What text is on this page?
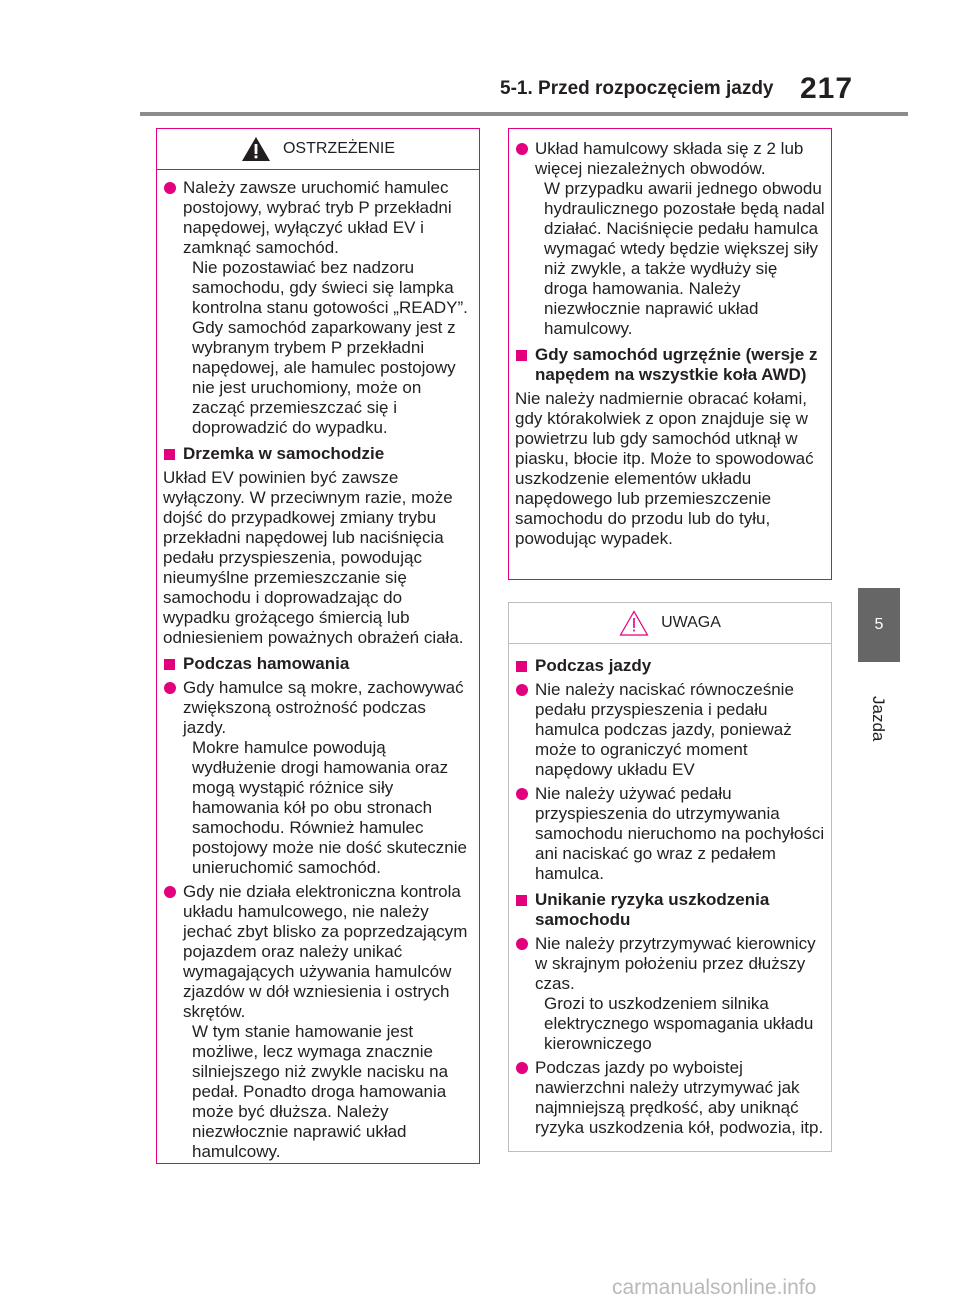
5-1. Przed rozpoczęciem jazdy 217
5
Jazda
OSTRZEŻENIE
Należy zawsze uruchomić hamulec postojowy, wybrać tryb P przekładni napędowej, wyłączyć układ EV i zamknąć samochód.
Nie pozostawiać bez nadzoru samochodu, gdy świeci się lampka kontrolna stanu gotowości „READY”. Gdy samochód zaparkowany jest z wybranym trybem P przekładni napędowej, ale hamulec postojowy nie jest uruchomiony, może on zacząć przemieszczać się i doprowadzić do wypadku.
Drzemka w samochodzie
Układ EV powinien być zawsze wyłączony. W przeciwnym razie, może dojść do przypadkowej zmiany trybu przekładni napędowej lub naciśnięcia pedału przyspieszenia, powodując nieumyślne przemieszczanie się samochodu i doprowadzając do wypadku grożącego śmiercią lub odniesieniem poważnych obrażeń ciała.
Podczas hamowania
Gdy hamulce są mokre, zachowywać zwiększoną ostrożność podczas jazdy.
Mokre hamulce powodują wydłużenie drogi hamowania oraz mogą wystąpić różnice siły hamowania kół po obu stronach samochodu. Również hamulec postojowy może nie dość skutecznie unieruchomić samochód.
Gdy nie działa elektroniczna kontrola układu hamulcowego, nie należy jechać zbyt blisko za poprzedzającym pojazdem oraz należy unikać wymagających używania hamulców zjazdów w dół wzniesienia i ostrych skrętów.
W tym stanie hamowanie jest możliwe, lecz wymaga znacznie silniejszego niż zwykle nacisku na pedał. Ponadto droga hamowania może być dłuższa. Należy niezwłocznie naprawić układ hamulcowy.
Układ hamulcowy składa się z 2 lub więcej niezależnych obwodów.
W przypadku awarii jednego obwodu hydraulicznego pozostałe będą nadal działać. Naciśnięcie pedału hamulca wymagać wtedy będzie większej siły niż zwykle, a także wydłuży się droga hamowania. Należy niezwłocznie naprawić układ hamulcowy.
Gdy samochód ugrzęźnie (wersje z napędem na wszystkie koła AWD)
Nie należy nadmiernie obracać kołami, gdy którakolwiek z opon znajduje się w powietrzu lub gdy samochód utknął w piasku, błocie itp. Może to spowodować uszkodzenie elementów układu napędowego lub przemieszczenie samochodu do przodu lub do tyłu, powodując wypadek.
UWAGA
Podczas jazdy
Nie należy naciskać równocześnie pedału przyspieszenia i pedału hamulca podczas jazdy, ponieważ może to ograniczyć moment napędowy układu EV
Nie należy używać pedału przyspieszenia do utrzymywania samochodu nieruchomo na pochyłości ani naciskać go wraz z pedałem hamulca.
Unikanie ryzyka uszkodzenia samochodu
Nie należy przytrzymywać kierownicy w skrajnym położeniu przez dłuższy czas.
Grozi to uszkodzeniem silnika elektrycznego wspomagania układu kierowniczego
Podczas jazdy po wyboistej nawierzchni należy utrzymywać jak najmniejszą prędkość, aby uniknąć ryzyka uszkodzenia kół, podwozia, itp.
carmanualsonline.info
